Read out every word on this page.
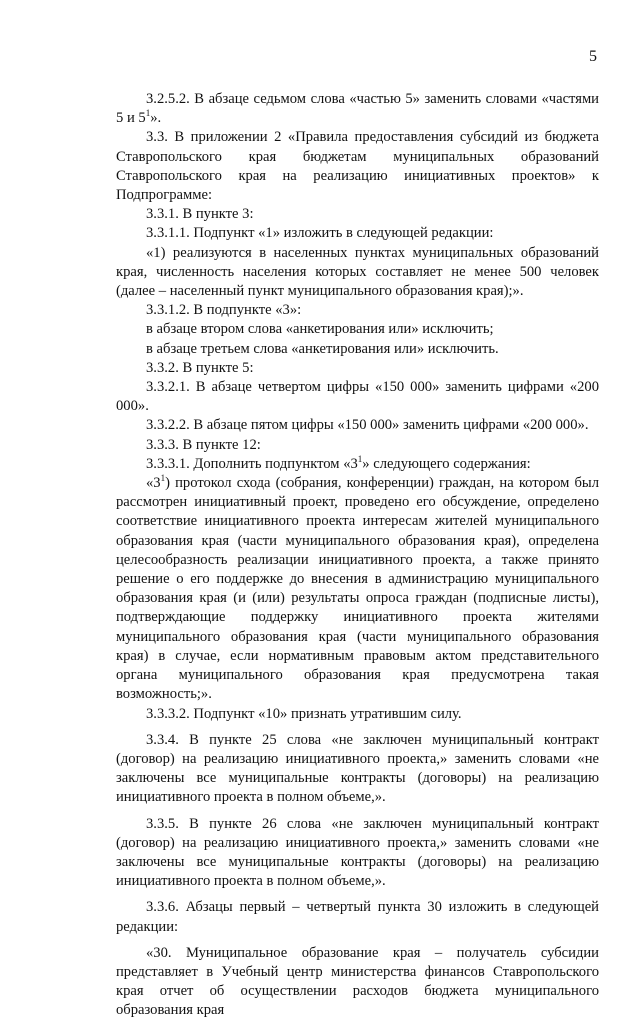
5

3.2.5.2. В абзаце седьмом слова «частью 5» заменить словами «частями 5 и $5^1$».

3.3. В приложении 2 «Правила предоставления субсидий из бюджета Ставропольского края бюджетам муниципальных образований Ставропольского края на реализацию инициативных проектов» к Подпрограмме:

3.3.1. В пункте 3:

3.3.1.1. Подпункт «1» изложить в следующей редакции:

«1) реализуются в населенных пунктах муниципальных образований края, численность населения которых составляет не менее 500 человек (далее – населенный пункт муниципального образования края);».

3.3.1.2. В подпункте «3»:

в абзаце втором слова «анкетирования или» исключить;

в абзаце третьем слова «анкетирования или» исключить.

3.3.2. В пункте 5:

3.3.2.1. В абзаце четвертом цифры «150 000» заменить цифрами «200 000».

3.3.2.2. В абзаце пятом цифры «150 000» заменить цифрами «200 000».

3.3.3. В пункте 12:

3.3.3.1. Дополнить подпунктом «$3^1$» следующего содержания:

«$3^1$) протокол схода (собрания, конференции) граждан, на котором был рассмотрен инициативный проект, проведено его обсуждение, определено соответствие инициативного проекта интересам жителей муниципального образования края (части муниципального образования края), определена целесообразность реализации инициативного проекта, а также принято решение о его поддержке до внесения в администрацию муниципального образования края (и (или) результаты опроса граждан (подписные листы), подтверждающие поддержку инициативного проекта жителями муниципального образования края (части муниципального образования края) в случае, если нормативным правовым актом представительного органа муниципального образования края предусмотрена такая возможность;».

3.3.3.2. Подпункт «10» признать утратившим силу.

3.3.4. В пункте 25 слова «не заключен муниципальный контракт (договор) на реализацию инициативного проекта,» заменить словами «не заключены все муниципальные контракты (договоры) на реализацию инициативного проекта в полном объеме,».

3.3.5. В пункте 26 слова «не заключен муниципальный контракт (договор) на реализацию инициативного проекта,» заменить словами «не заключены все муниципальные контракты (договоры) на реализацию инициативного проекта в полном объеме,».

3.3.6. Абзацы первый – четвертый пункта 30 изложить в следующей редакции:

«30. Муниципальное образование края – получатель субсидии представляет в Учебный центр министерства финансов Ставропольского края отчет об осуществлении расходов бюджета муниципального образования края
